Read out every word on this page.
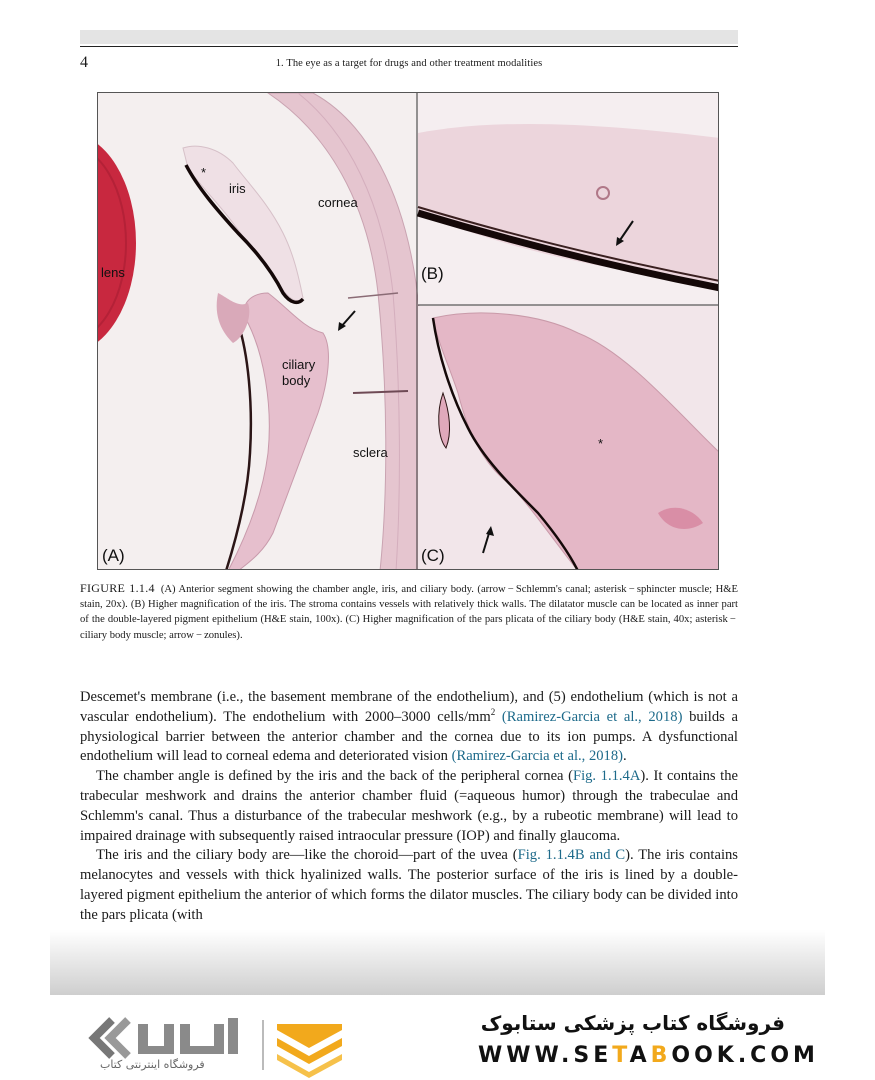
4	1. The eye as a target for drugs and other treatment modalities
iris
cornea
lens
ciliary
body
sclera
*
(A)
(B)
*
(C)
FIGURE 1.1.4 (A) Anterior segment showing the chamber angle, iris, and ciliary body. (arrow − Schlemm's canal; asterisk − sphincter muscle; H&E stain, 20x). (B) Higher magnification of the iris. The stroma contains vessels with relatively thick walls. The dilatator muscle can be located as inner part of the double-layered pigment epithelium (H&E stain, 100x). (C) Higher magnification of the pars plicata of the ciliary body (H&E stain, 40x; asterisk − ciliary body muscle; arrow − zonules).

Descemet's membrane (i.e., the basement membrane of the endothelium), and (5) endothelium (which is not a vascular endothelium). The endothelium with 2000–3000 cells/$mm^2$ (Ramirez-Garcia et al., 2018) builds a physiological barrier between the anterior chamber and the cornea due to its ion pumps. A dysfunctional endothelium will lead to corneal edema and deteriorated vision (Ramirez-Garcia et al., 2018).

The chamber angle is defined by the iris and the back of the peripheral cornea (Fig. 1.1.4A). It contains the trabecular meshwork and drains the anterior chamber fluid (=aqueous humor) through the trabeculae and Schlemm's canal. Thus a disturbance of the trabecular meshwork (e.g., by a rubeotic membrane) will lead to impaired drainage with subsequently raised intraocular pressure (IOP) and finally glaucoma.

The iris and the ciliary body are—like the choroid—part of the uvea (Fig. 1.1.4B and C). The iris contains melanocytes and vessels with thick hyalinized walls. The posterior surface of the iris is lined by a double-layered pigment epithelium the anterior of which forms the dilator muscles. The ciliary body can be divided into the pars plicata (with

فروشگاه اینترنتی کتاب
فروشگاه کتاب پزشکی ستابوک
WWW.SETABOOK.COM
